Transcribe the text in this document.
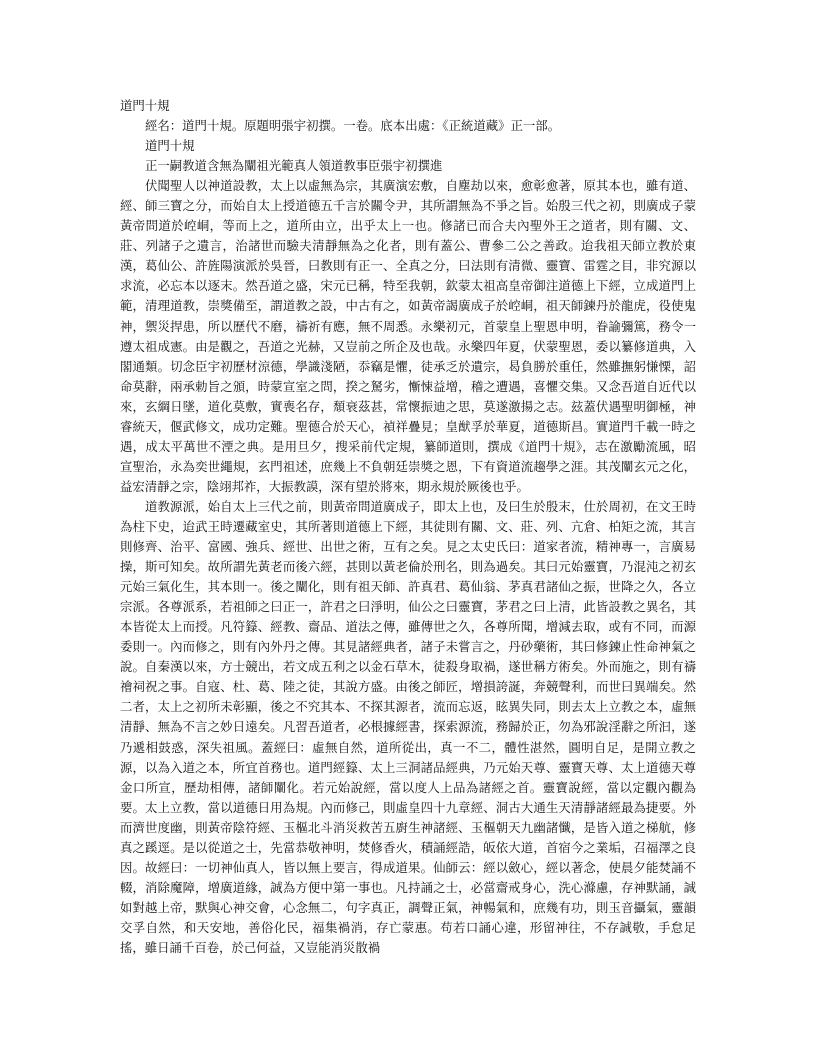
道門十規

經名：道門十規。原題明張宇初撰。一卷。底本出處：《正統道藏》正一部。

道門十規

正一嗣教道含無為闡祖光範真人領道教事臣張宇初撰進

伏聞聖人以神道設教，太上以虛無為宗，其廣演宏敷，自塵劫以來，愈彰愈著，原其本也，雖有道、經、師三寶之分，而始自太上授道德五千言於關令尹，其所謂無為不爭之旨。始殷三代之初，則廣成子蒙黃帝問道於崆峒，等而上之，道所由立，出乎太上一也。修諸已而合夫內聖外王之道者，則有關、文、莊、列諸子之遺言，治諸世而驗夫清靜無為之化者，則有蓋公、曹參二公之善政。迨我祖天師立教於東漢，葛仙公、許旌陽演派於吳晉，曰教則有正一、全真之分，曰法則有清微、靈寶、雷霆之目，非究源以求流，必忘本以逐末。然吾道之盛，宋元已稱，特至我朝，欽蒙太祖高皇帝御注道德上下經，立成道門上範，清理道教，崇獎備至，謂道教之設，中古有之，如黃帝謁廣成子於崆峒，祖天師鍊丹於龍虎，役使鬼神，禦災捍患，所以歷代不磨，禱祈有應，無不周悉。永樂初元，首蒙皇上聖恩申明，眷諭彌篤，務令一遵太祖成憲。由是觀之，吾道之光赫，又豈前之所企及也哉。永樂四年夏，伏蒙聖恩，委以纂修道典，入閣通類。切念臣宇初歷材涼德，學識淺陋，忝竊是懼，徒承乏於遺宗，曷負勝於重任，然雖撫躬慊慄，詔命莫辭，兩承勅旨之頒，時蒙宣室之問，揆之駑劣，慚悚益增，稽之遭遇，喜懼交集。又念吾道自近代以來，玄綱日墜，道化莫敷，實喪名存，頹衰茲甚，常懷振迪之思，莫遂激揚之志。玆蓋伏遇聖明御極，神睿統天，偃武修文，成功定難。聖德合於天心，禎祥疊見；皇猷孚於華夏，道德斯昌。實道門千載一時之遇，成太平萬世不湮之典。是用旦夕，搜采前代定規，纂師道則，撰成《道門十規》，志在激勵流風，昭宣聖治，永為奕世繩規，玄門祖述，庶幾上不負朝廷崇獎之恩，下有資道流趨學之涯。其茂闡玄元之化，益宏清靜之宗，陰翊邦祚，大振教謨，深有望於將來，期永規於厥後也乎。

道教源派，始自太上三代之前，則黃帝問道廣成子，即太上也，及曰生於殷末，仕於周初，在文王時為柱下史，迨武王時遷藏室史，其所著則道德上下經，其徒則有關、文、莊、列、亢倉、柏矩之流，其言則修齊、治平、富國、強兵、經世、出世之術，互有之矣。見之太史氏曰：道家者流，精神專一，言廣易操，斯可知矣。故所謂先黃老而後六經，甚則以黃老倫於刑名，則為過矣。其曰元始靈寶，乃混沌之初玄元始三氣化生，其本則一。後之闡化，則有祖天師、許真君、葛仙翁、茅真君諸仙之振，世降之久，各立宗派。各尊派系，若祖師之曰正一，許君之曰淨明，仙公之曰靈寶，茅君之曰上清，此皆設教之異名，其本皆從太上而授。凡符籙、經教、齋品、道法之傳，雖傳世之久，各尊所聞，增減去取，或有不同，而源委則一。內而修之，則有內外丹之傳。其見諸經典者，諸子未嘗言之，丹砂藥術，其曰修鍊止性命神氣之說。自秦漢以來，方士競出，若文成五利之以金石草木，徒殺身取禍，遂世稱方術矣。外而施之，則有禱禬祠祝之事。自寇、杜、葛、陸之徒，其說方盛。由後之師匠，增損誇誕，奔競聲利，而世曰異端矣。然二者，太上之初所未彰顯，後之不究其本、不探其源者，流而忘返，眩異失同，則去太上立教之本，虛無清靜、無為不言之妙日遠矣。凡習吾道者，必根據經書，探索源流，務歸於正，勿為邪說淫辭之所汩，遂乃遞相鼓惑，深失祖風。蓋經曰：虛無自然，道所從出，真一不二，體性湛然，圓明自足，是開立教之源，以為入道之本，所宜首務也。道門經籙、太上三洞諸品經典，乃元始天尊、靈寶天尊、太上道德天尊金口所宣，歷劫相傳，諸師闡化。若元始說經，當以度人上品為諸經之首。靈寶說經，當以定觀內觀為要。太上立教，當以道德日用為規。內而修己，則虛皇四十九章經、洞古大通生天清靜諸經最為捷要。外而濟世度幽，則黃帝陰符經、玉樞北斗消災救苦五廚生神諸經、玉樞朝天九幽諸懺，是皆入道之梯航，修真之蹊逕。是以從道之士，先當恭敬神明，焚修香火，積誦經誥，皈依大道，首宿今之業垢，召福澤之良因。故經曰：一切神仙真人，皆以無上要言，得成道果。仙師云：經以斂心，經以著念，使晨夕能焚誦不輟，消除魔障，增廣道緣，誠為方便中第一事也。凡持誦之士，必當齋戒身心，洗心滌慮，存神默誦，誠如對越上帝，默與心神交會，心念無二，句字真正，調聲正氣，神暢氣和，庶幾有功，則玉音攝氣，靈韻交孚自然，和天安地，善俗化民，福集禍消，存亡蒙惠。苟若口誦心違，形留神往，不存誠敬，手怠足搖，雖日誦千百卷，於己何益，又豈能消災散禍
